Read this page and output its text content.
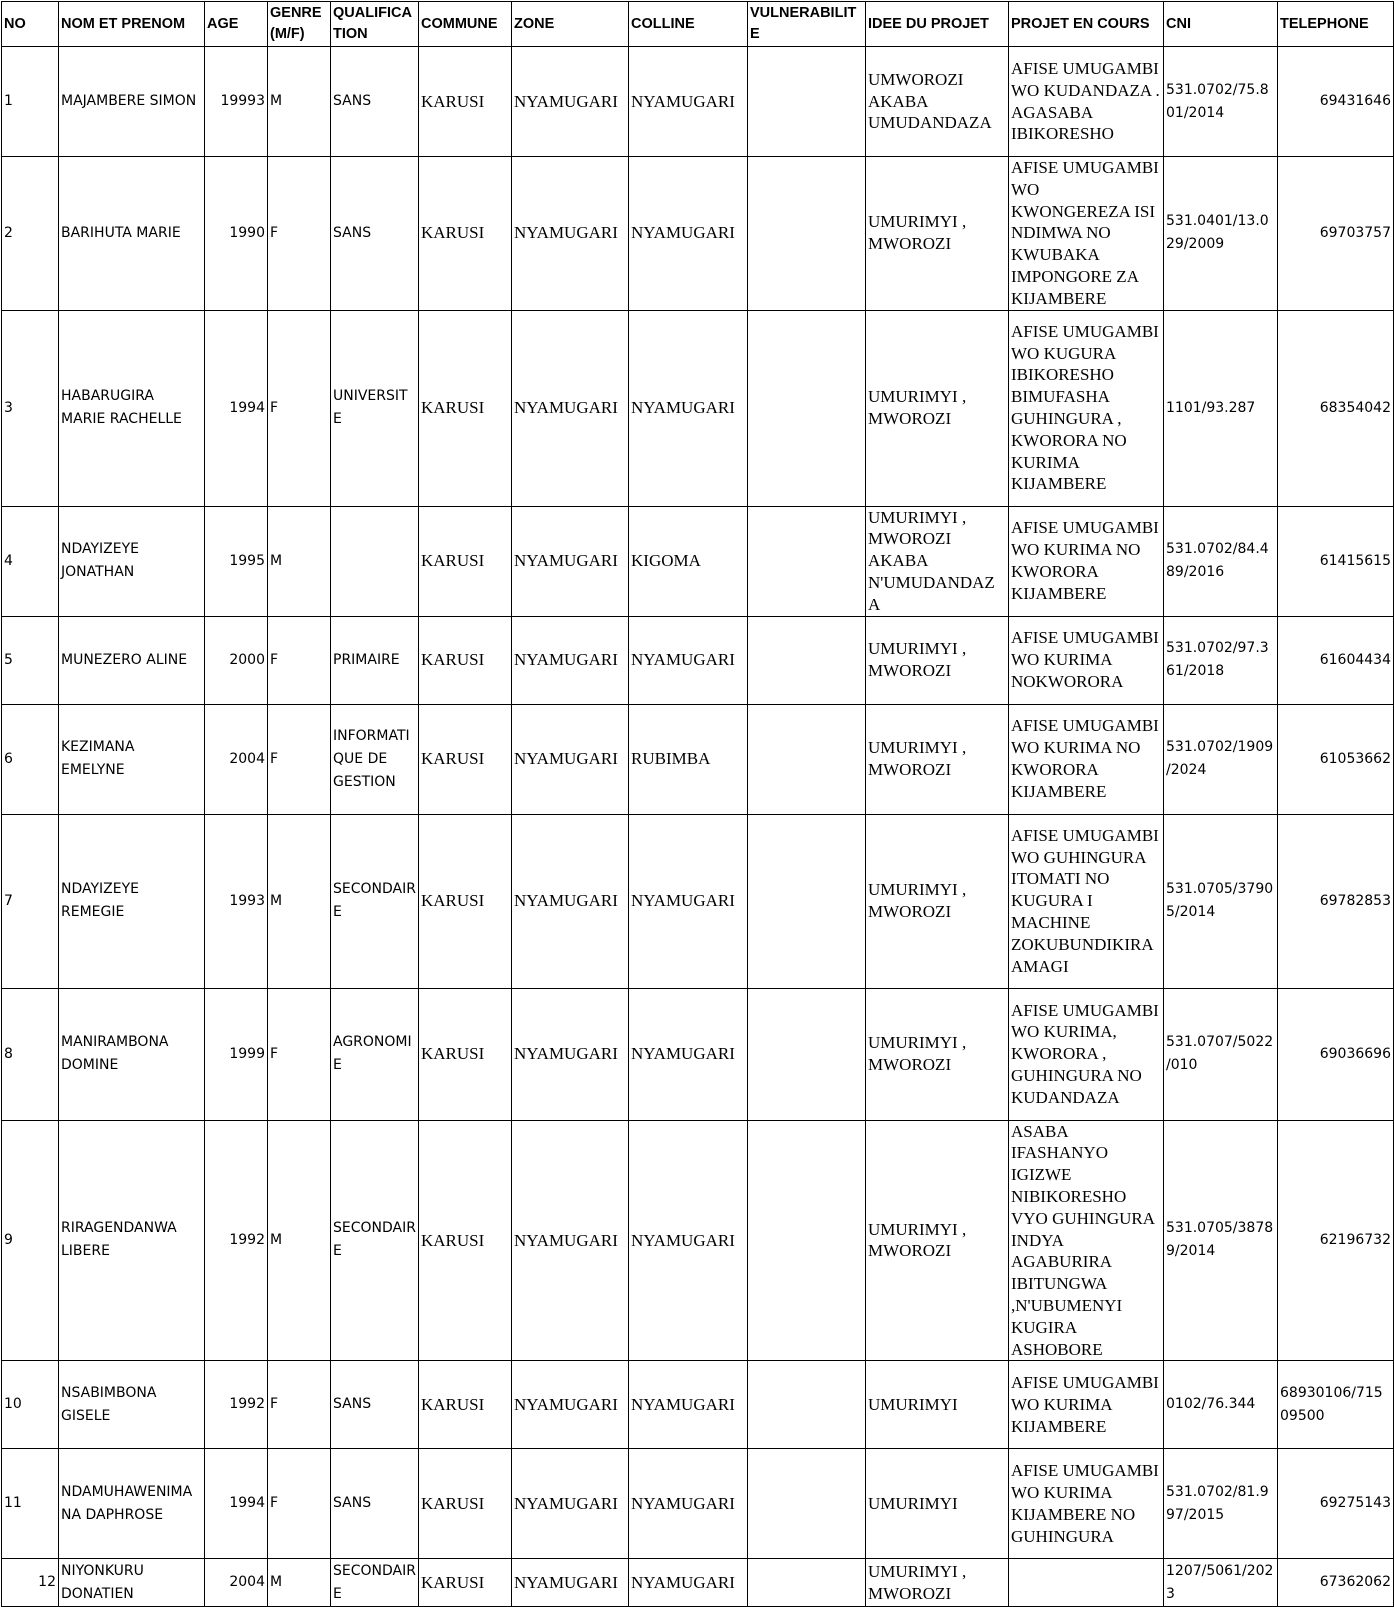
NO	NOM ET PRENOM	AGE	GENRE (M/F)	QUALIFICA TION	COMMUNE	ZONE	COLLINE	VULNERABILIT E	IDEE DU PROJET	PROJET EN COURS	CNI	TELEPHONE
1	MAJAMBERE SIMON	19993	M	SANS	KARUSI	NYAMUGARI	NYAMUGARI		UMWOROZI AKABA UMUDANDAZA	AFISE UMUGAMBI WO KUDANDAZA . AGASABA IBIKORESHO	531.0702/75.801/2014	69431646
2	BARIHUTA MARIE	1990	F	SANS	KARUSI	NYAMUGARI	NYAMUGARI		UMURIMYI , MWOROZI	AFISE UMUGAMBI WO KWONGEREZA ISI NDIMWA NO KWUBAKA IMPONGORE ZA KIJAMBERE	531.0401/13.029/2009	69703757
3	HABARUGIRA MARIE RACHELLE	1994	F	UNIVERSITE	KARUSI	NYAMUGARI	NYAMUGARI		UMURIMYI , MWOROZI	AFISE UMUGAMBI WO KUGURA IBIKORESHO BIMUFASHA GUHINGURA , KWORORA NO KURIMA KIJAMBERE	1101/93.287	68354042
4	NDAYIZEYE JONATHAN	1995	M		KARUSI	NYAMUGARI	KIGOMA		UMURIMYI , MWOROZI AKABA N'UMUDANDAZA	AFISE UMUGAMBI WO KURIMA NO KWORORA KIJAMBERE	531.0702/84.489/2016	61415615
5	MUNEZERO ALINE	2000	F	PRIMAIRE	KARUSI	NYAMUGARI	NYAMUGARI		UMURIMYI , MWOROZI	AFISE UMUGAMBI WO KURIMA NOKWORORA	531.0702/97.361/2018	61604434
6	KEZIMANA EMELYNE	2004	F	INFORMATIQUE DE GESTION	KARUSI	NYAMUGARI	RUBIMBA		UMURIMYI , MWOROZI	AFISE UMUGAMBI WO KURIMA NO KWORORA KIJAMBERE	531.0702/1909/2024	61053662
7	NDAYIZEYE REMEGIE	1993	M	SECONDAIRE	KARUSI	NYAMUGARI	NYAMUGARI		UMURIMYI , MWOROZI	AFISE UMUGAMBI WO GUHINGURA ITOMATI NO KUGURA I MACHINE ZOKUBUNDIKIRA AMAGI	531.0705/37905/2014	69782853
8	MANIRAMBONA DOMINE	1999	F	AGRONOMIE	KARUSI	NYAMUGARI	NYAMUGARI		UMURIMYI , MWOROZI	AFISE UMUGAMBI WO KURIMA, KWORORA , GUHINGURA NO KUDANDAZA	531.0707/5022/010	69036696
9	RIRAGENDANWA LIBERE	1992	M	SECONDAIRE	KARUSI	NYAMUGARI	NYAMUGARI		UMURIMYI , MWOROZI	ASABA IFASHANYO IGIZWE NIBIKORESHO VYO GUHINGURA INDYA AGABURIRA IBITUNGWA ,N'UBUMENYI KUGIRA ASHOBORE	531.0705/38789/2014	62196732
10	NSABIMBONA GISELE	1992	F	SANS	KARUSI	NYAMUGARI	NYAMUGARI		UMURIMYI	AFISE UMUGAMBI WO KURIMA KIJAMBERE	0102/76.344	68930106/71509500
11	NDAMUHAWENIMANA DAPHROSE	1994	F	SANS	KARUSI	NYAMUGARI	NYAMUGARI		UMURIMYI	AFISE UMUGAMBI WO KURIMA KIJAMBERE NO GUHINGURA	531.0702/81.997/2015	69275143
12	NIYONKURU DONATIEN	2004	M	SECONDAIRE	KARUSI	NYAMUGARI	NYAMUGARI		UMURIMYI , MWOROZI		1207/5061/2023	67362062
